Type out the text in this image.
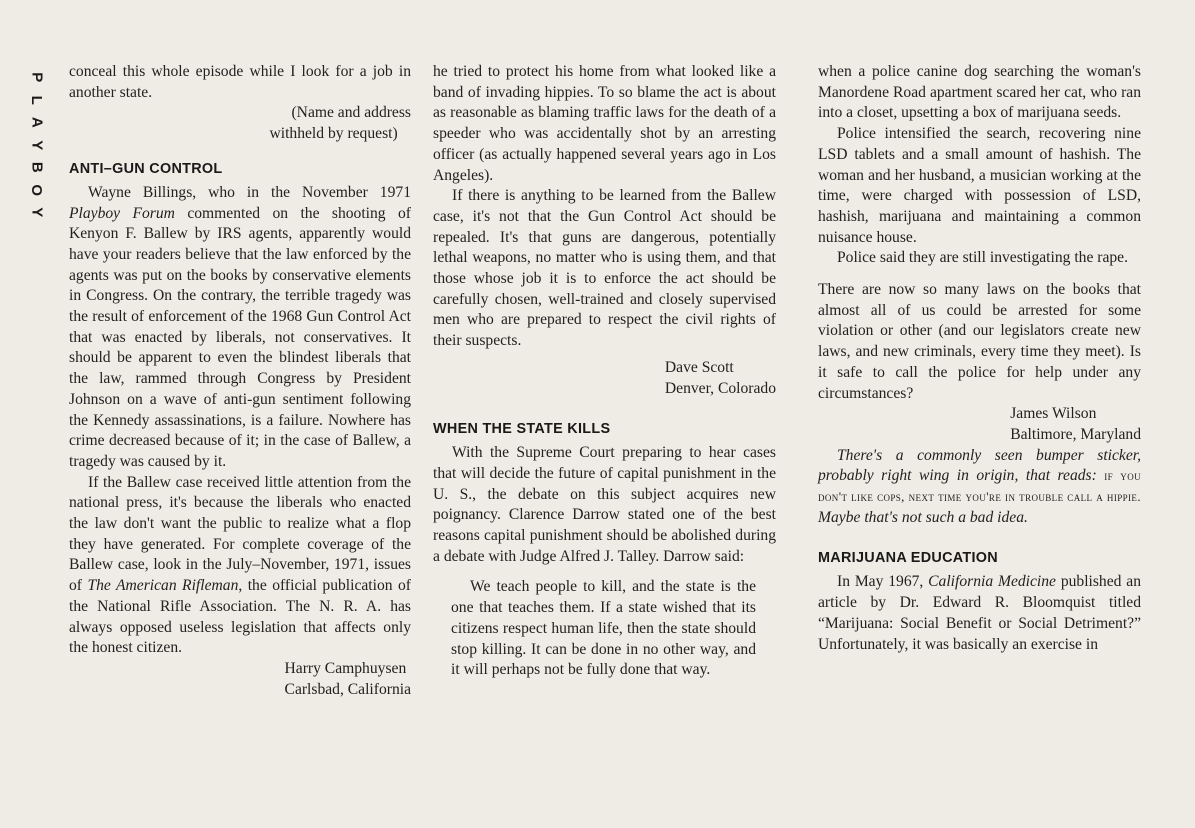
P
L
A
Y
B
O
Y

conceal this whole episode while I look for a job in another state.

(Name and address
withheld by request)
ANTI–GUN CONTROL

Wayne Billings, who in the November 1971 Playboy Forum commented on the shooting of Kenyon F. Ballew by IRS agents, apparently would have your readers believe that the law enforced by the agents was put on the books by conservative elements in Congress. On the contrary, the terrible tragedy was the result of enforcement of the 1968 Gun Control Act that was enacted by liberals, not conservatives. It should be apparent to even the blindest liberals that the law, rammed through Congress by President Johnson on a wave of anti-gun sentiment following the Kennedy assassinations, is a failure. Nowhere has crime decreased because of it; in the case of Ballew, a tragedy was caused by it.

If the Ballew case received little attention from the national press, it's because the liberals who enacted the law don't want the public to realize what a flop they have generated. For complete coverage of the Ballew case, look in the July–November, 1971, issues of The American Rifleman, the official publication of the National Rifle Association. The N. R. A. has always opposed useless legislation that affects only the honest citizen.

Harry Camphuysen
Carlsbad, California

he tried to protect his home from what looked like a band of invading hippies. To so blame the act is about as reasonable as blaming traffic laws for the death of a speeder who was accidentally shot by an arresting officer (as actually happened several years ago in Los Angeles).

If there is anything to be learned from the Ballew case, it's not that the Gun Control Act should be repealed. It's that guns are dangerous, potentially lethal weapons, no matter who is using them, and that those whose job it is to enforce the act should be carefully chosen, well-trained and closely supervised men who are prepared to respect the civil rights of their suspects.

Dave Scott
Denver, Colorado
WHEN THE STATE KILLS

With the Supreme Court preparing to hear cases that will decide the future of capital punishment in the U. S., the debate on this subject acquires new poignancy. Clarence Darrow stated one of the best reasons capital punishment should be abolished during a debate with Judge Alfred J. Talley. Darrow said:

We teach people to kill, and the state is the one that teaches them. If a state wished that its citizens respect human life, then the state should stop killing. It can be done in no other way, and it will perhaps not be fully done that way.

when a police canine dog searching the woman's Manordene Road apartment scared her cat, who ran into a closet, upsetting a box of marijuana seeds.

Police intensified the search, recovering nine LSD tablets and a small amount of hashish. The woman and her husband, a musician working at the time, were charged with possession of LSD, hashish, marijuana and maintaining a common nuisance house.

Police said they are still investigating the rape.

There are now so many laws on the books that almost all of us could be arrested for some violation or other (and our legislators create new laws, and new criminals, every time they meet). Is it safe to call the police for help under any circumstances?

James Wilson
Baltimore, Maryland

There's a commonly seen bumper sticker, probably right wing in origin, that reads: if you don't like cops, next time you're in trouble call a hippie. Maybe that's not such a bad idea.

MARIJUANA EDUCATION

In May 1967, California Medicine published an article by Dr. Edward R. Bloomquist titled “Marijuana: Social Benefit or Social Detriment?” Unfortunately, it was basically an exercise in
